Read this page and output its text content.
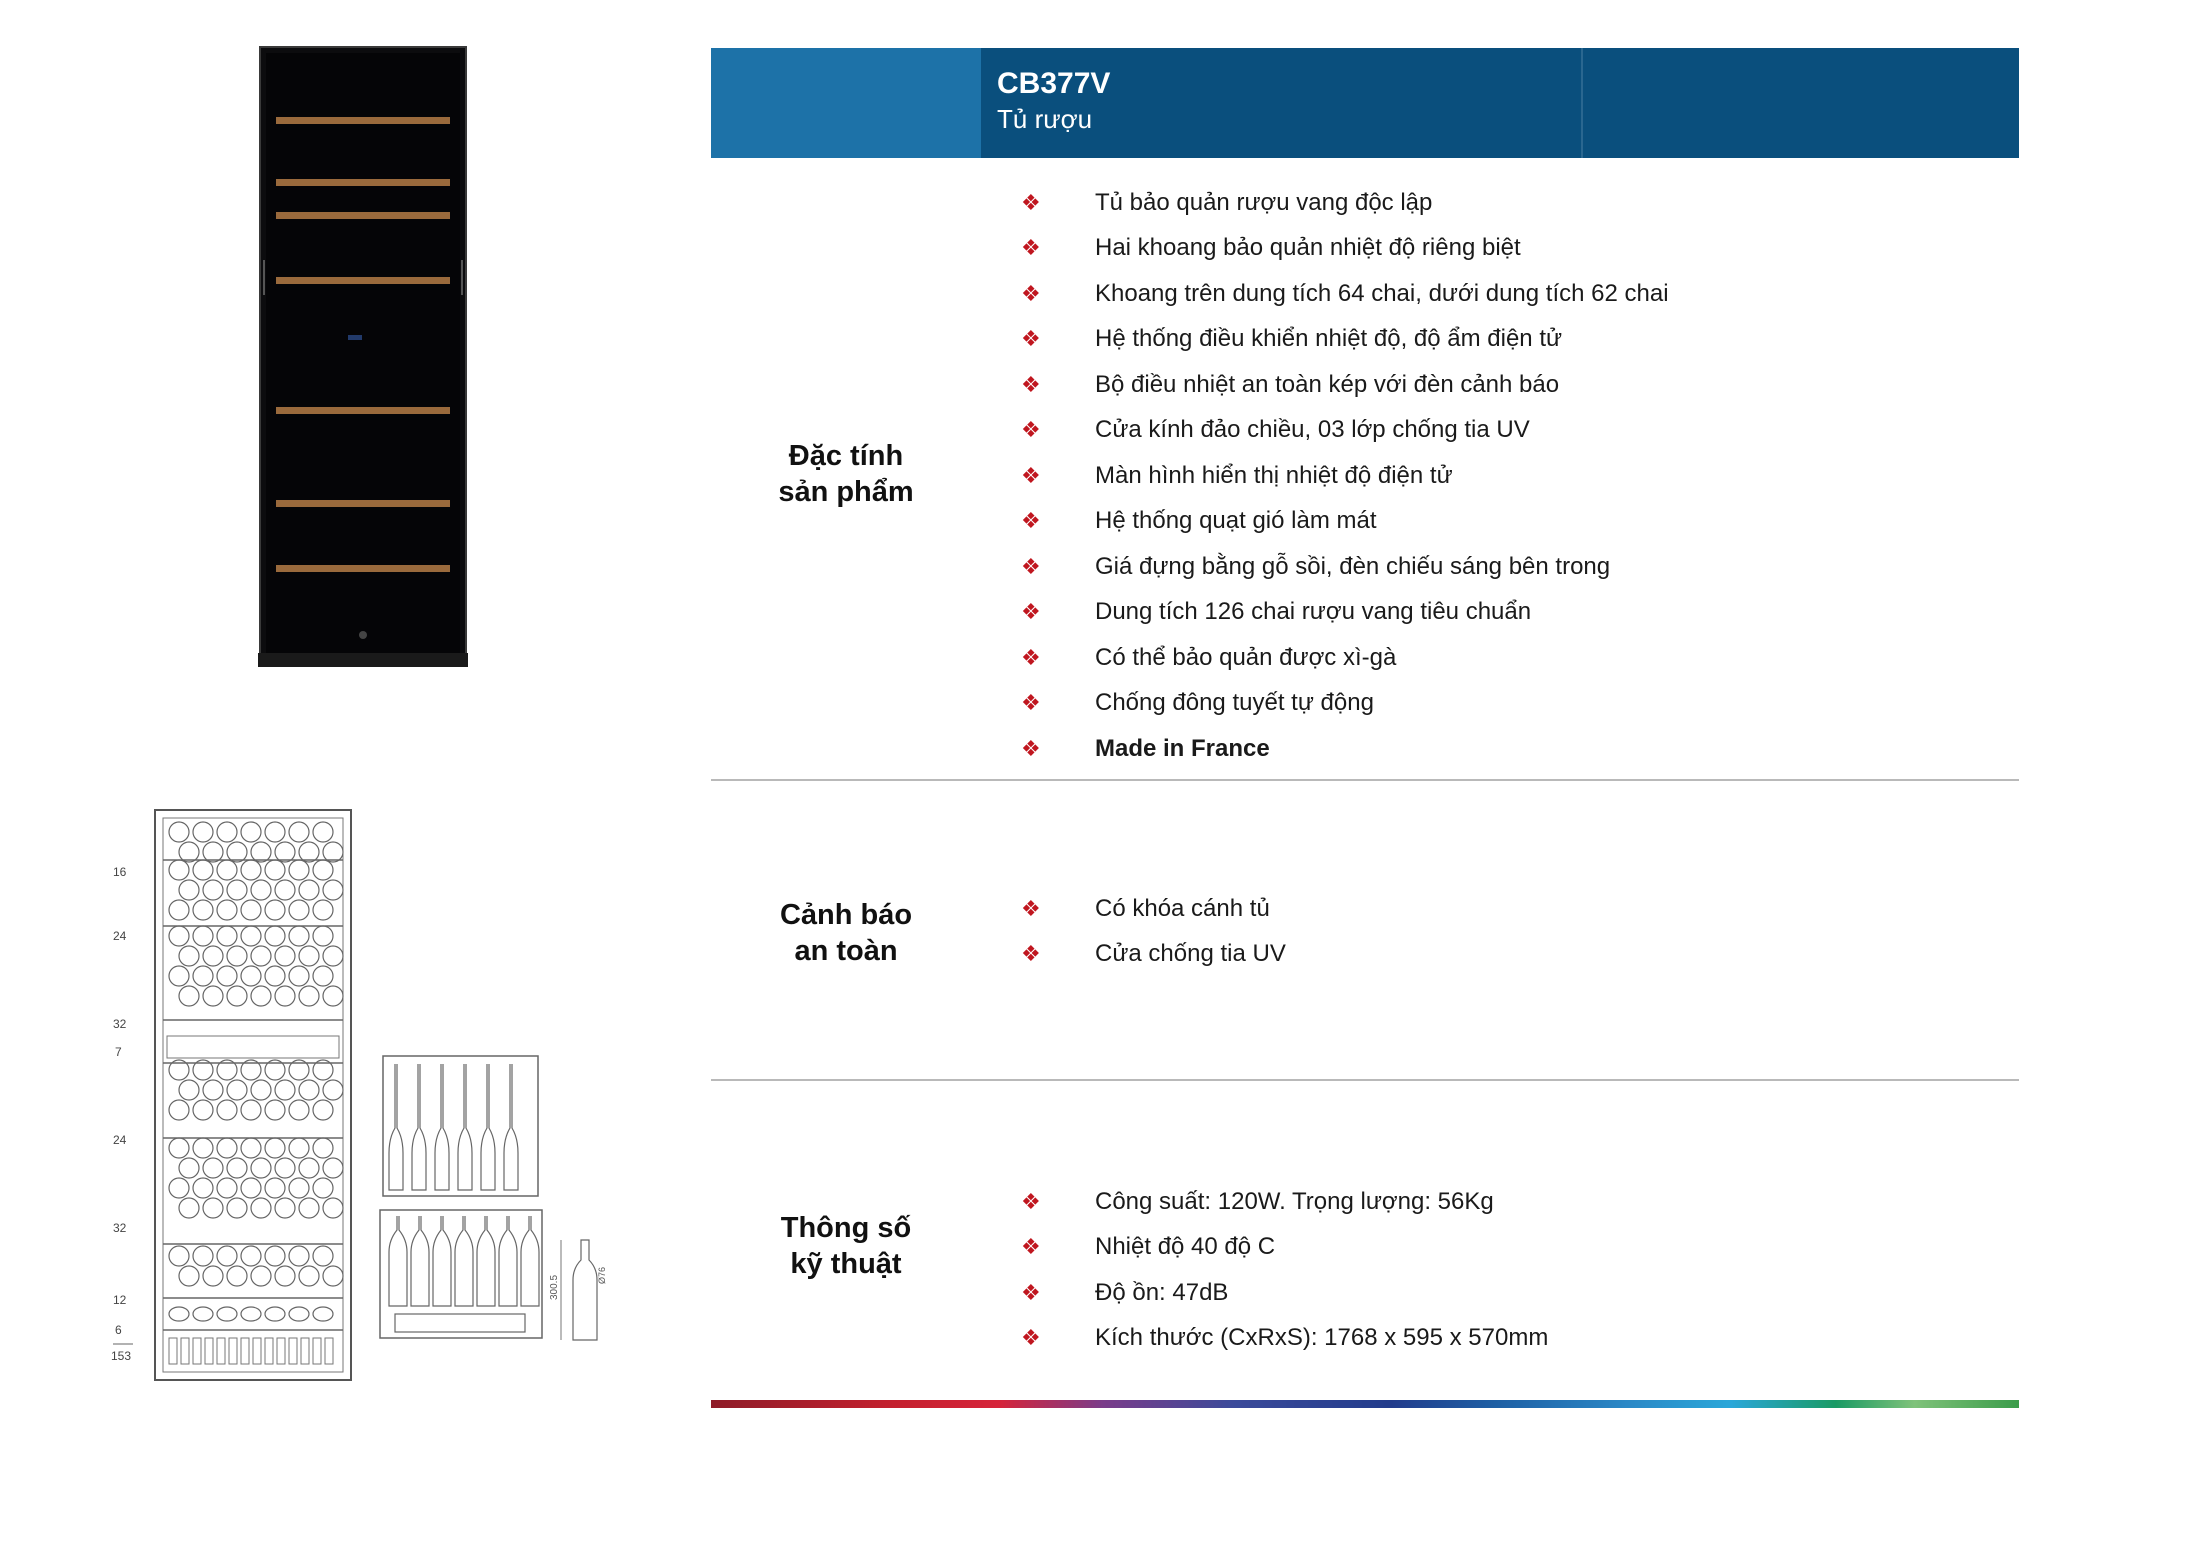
16
24
32
7
24
32
12
6
153
300.5	Ø76
CB377V
Tủ rượu
Đặc tính
sản phẩm
❖	Tủ bảo quản rượu vang độc lập
❖	Hai khoang bảo quản nhiệt độ riêng biệt
❖	Khoang trên dung tích 64 chai, dưới dung tích 62 chai
❖	Hệ thống điều khiển nhiệt độ, độ ẩm điện tử
❖	Bộ điều nhiệt an toàn kép với đèn cảnh báo
❖	Cửa kính đảo chiều, 03 lớp chống tia UV
❖	Màn hình hiển thị nhiệt độ điện tử
❖	Hệ thống quạt gió làm mát
❖	Giá đựng bằng gỗ sồi, đèn chiếu sáng bên trong
❖	Dung tích 126 chai rượu vang tiêu chuẩn
❖	Có thể bảo quản được xì-gà
❖	Chống đông tuyết tự động
❖	Made in France
Cảnh báo
an toàn
❖	Có khóa cánh tủ
❖	Cửa chống tia UV
Thông số
kỹ thuật
❖	Công suất: 120W. Trọng lượng: 56Kg
❖	Nhiệt độ 40 độ C
❖	Độ ồn: 47dB
❖	Kích thước (CxRxS): 1768 x 595 x 570mm
